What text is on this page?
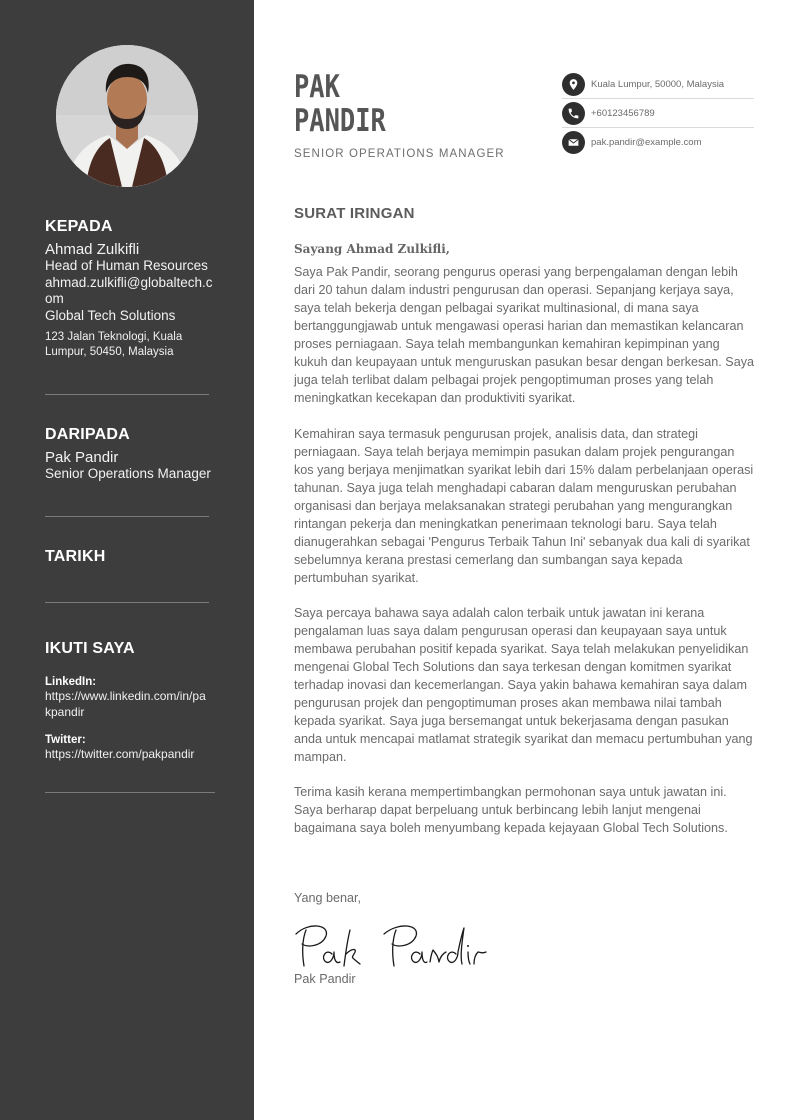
KEPADA
Ahmad Zulkifli
Head of Human Resources
ahmad.zulkifli@globaltech.com
Global Tech Solutions
123 Jalan Teknologi, Kuala Lumpur, 50450, Malaysia
DARIPADA
Pak Pandir
Senior Operations Manager
TARIKH
IKUTI SAYA
LinkedIn:
https://www.linkedin.com/in/pakpandir
Twitter:
https://twitter.com/pakpandir
PAK
PANDIR
SENIOR OPERATIONS MANAGER
Kuala Lumpur, 50000, Malaysia
+60123456789
pak.pandir@example.com
SURAT IRINGAN
Sayang Ahmad Zulkifli,

Saya Pak Pandir, seorang pengurus operasi yang berpengalaman dengan lebih dari 20 tahun dalam industri pengurusan dan operasi. Sepanjang kerjaya saya, saya telah bekerja dengan pelbagai syarikat multinasional, di mana saya bertanggungjawab untuk mengawasi operasi harian dan memastikan kelancaran proses perniagaan. Saya telah membangunkan kemahiran kepimpinan yang kukuh dan keupayaan untuk menguruskan pasukan besar dengan berkesan. Saya juga telah terlibat dalam pelbagai projek pengoptimuman proses yang telah meningkatkan kecekapan dan produktiviti syarikat.

Kemahiran saya termasuk pengurusan projek, analisis data, dan strategi perniagaan. Saya telah berjaya memimpin pasukan dalam projek pengurangan kos yang berjaya menjimatkan syarikat lebih dari 15% dalam perbelanjaan operasi tahunan. Saya juga telah menghadapi cabaran dalam menguruskan perubahan organisasi dan berjaya melaksanakan strategi perubahan yang mengurangkan rintangan pekerja dan meningkatkan penerimaan teknologi baru. Saya telah dianugerahkan sebagai 'Pengurus Terbaik Tahun Ini' sebanyak dua kali di syarikat sebelumnya kerana prestasi cemerlang dan sumbangan saya kepada pertumbuhan syarikat.

Saya percaya bahawa saya adalah calon terbaik untuk jawatan ini kerana pengalaman luas saya dalam pengurusan operasi dan keupayaan saya untuk membawa perubahan positif kepada syarikat. Saya telah melakukan penyelidikan mengenai Global Tech Solutions dan saya terkesan dengan komitmen syarikat terhadap inovasi dan kecemerlangan. Saya yakin bahawa kemahiran saya dalam pengurusan projek dan pengoptimuman proses akan membawa nilai tambah kepada syarikat. Saya juga bersemangat untuk bekerjasama dengan pasukan anda untuk mencapai matlamat strategik syarikat dan memacu pertumbuhan yang mampan.

Terima kasih kerana mempertimbangkan permohonan saya untuk jawatan ini. Saya berharap dapat berpeluang untuk berbincang lebih lanjut mengenai bagaimana saya boleh menyumbang kepada kejayaan Global Tech Solutions.

Yang benar,
Pak Pandir
